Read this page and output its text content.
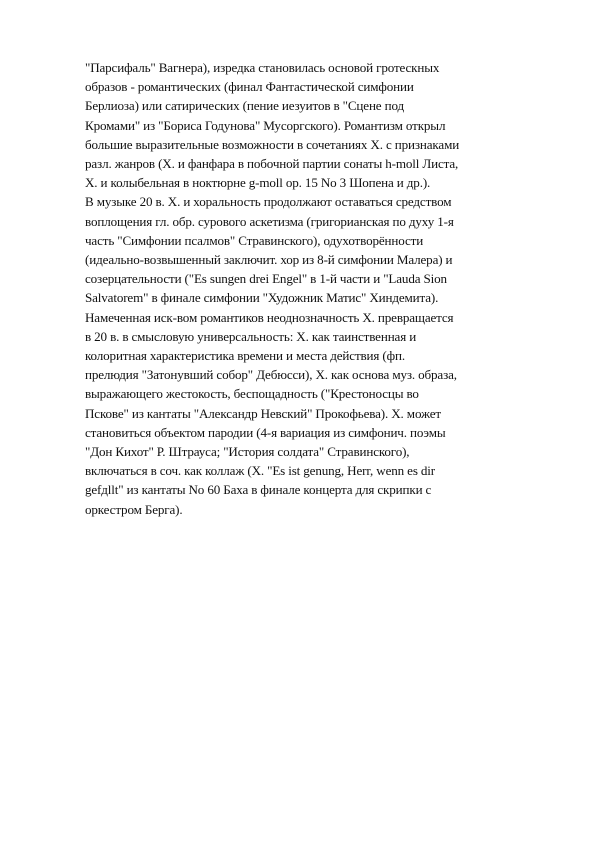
"Парсифаль" Вагнера), изредка становилась основой гротескных
образов - романтических (финал Фантастической симфонии
Берлиоза) или сатирических (пение иезуитов в "Сцене под
Кромами" из "Бориса Годунова" Мусоргского). Романтизм открыл
большие выразительные возможности в сочетаниях Х. с признаками
разл. жанров (Х. и фанфара в побочной партии сонаты h-moll Листа,
Х. и колыбельная в ноктюрне g-moll ор. 15 No 3 Шопена и др.).
В музыке 20 в. Х. и хоральность продолжают оставаться средством
воплощения гл. обр. сурового аскетизма (григорианская по духу 1-я
часть "Симфонии псалмов" Стравинского), одухотворённости
(идеально-возвышенный заключит. хор из 8-й симфонии Малера) и
созерцательности ("Es sungen drei Engel" в 1-й части и "Lauda Sion
Salvatorem" в финале симфонии "Художник Матис" Хиндемита).
Намеченная иск-вом романтиков неоднозначность Х. превращается
в 20 в. в смысловую универсальность: Х. как таинственная и
колоритная характеристика времени и места действия (фп.
прелюдия "Затонувший собор" Дебюсси), Х. как основа муз. образа,
выражающего жестокость, беспощадность ("Крестоносцы во
Пскове" из кантаты "Александр Невский" Прокофьева). Х. может
становиться объектом пародии (4-я вариация из симфонич. поэмы
"Дон Кихот" Р. Штрауса; "История солдата" Стравинского),
включаться в соч. как коллаж (Х. "Es ist genung, Herr, wenn es dir
gefдllt" из кантаты No 60 Баха в финале концерта для скрипки с
оркестром Берга).
